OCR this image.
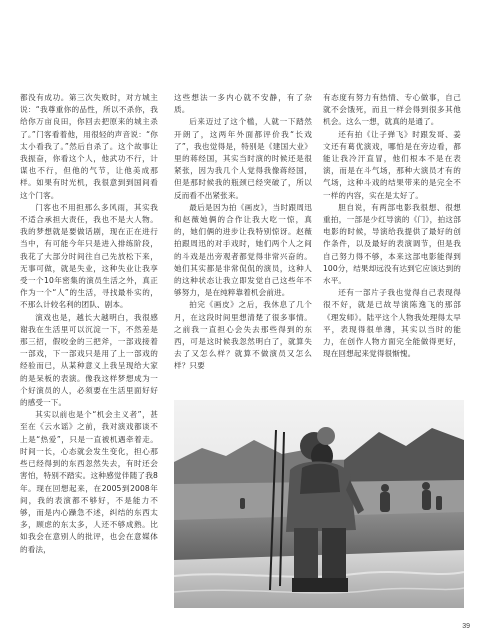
都没有成功。第三次失败时，对方城主说：“我尊重你的品性，所以不杀你，我给你万亩良田，你回去把原来的城主杀了。”门客看着他，用很轻的声音说：“你太小看我了。”然后自杀了。这个故事让我振奋，你看这个人，他武功不行，计谋也不行，但他的气节，让他美成那样。如果有时光机，我很意到到国间看这个门客。

门客也不用担那么多风雨，其实我不适合承担大责任，我也不是大人物。我的梦想就是要做话剧，现在正在进行当中，有可能今年只是进入排练阶段，我花了大部分时间往自己先放松下来，无事可做，就是失业，这种失业让我享受一个10年密集的演员生活之外，真正作为一个“人”的生活，寻找最朴实的，不那么计较名利的团队、剧本。

演戏也是，越长大越明白，我很感谢我在生活里可以沉淀一下，不然差是那三招，假咬金的三把斧，一部戏接着一部戏，下一部戏只是用了上一部戏的经验而已，从某种意义上我呈现给大家的是呆板的表演。像我这样梦想成为一个好演员的人，必须要在生活里面好好的感受一下。

其实以前也是个“机会主义者”，甚至在《云水谣》之前，我对演戏都谈不上是“热爱”，只是一直被机遇牵着走。时间一长，心态就会发生变化，担心那些已经得到的东西忽然失去，有时还会害怕，特别不踏实。这种感觉伴随了我8年。现在回想起来，在2005到2008年间，我的表演都不够好，不是能力不够，而是内心躁急不述，纠结的东西太多，顾虑的东太多，人还不够成熟。比如我会在意别人的批评，也会在意媒体的看法，

这些想法一多内心就不安静，有了杂质。

后来迈过了这个槛，人就一下踏然开朗了，这两年外面都评价我“长戏了”，我也觉得是，特别是《建国大业》里的蒋经国，其实当时演的时候还是很紧张，因为我几个人觉得我像蒋经国，但是那时候我的瓶颈已经突破了，所以反而看不出紧张来。

最后是因为拍《画皮》，当时跟周迅和赵薇她俩的合作让我大吃一惊，真的，她们俩的进步让我特别惊讶。赵薇拍跟周迅的对手戏时，她们两个人之间的斗戏是出旁观者都觉得非常兴奋的。她们其实都是非常侃侃的演员，这种人的这种状态让我立即发觉自己这些年不够努力，是在纯粹靠着机会前进。

拍完《画皮》之后，我休息了几个月，在这段时间里想清楚了很多事情。之前我一直担心会失去那些得到的东西，可是这时候我忽然明白了，就算失去了又怎么样？就算不做演员又怎么样？只要

有态度有努力有热情、专心做事，自己就不会饿死，而且一样会得到很多其他机会。这么一想，就真的是通了。

还有拍《让子弹飞》时跟发哥、姜文还有葛优演戏，哪怕是在旁边看，都能让我冷汗直冒，他们根本不是在表演，而是在斗气场，那种大演员才有的气场，这种斗戏的结果带来的是完全不一样的内容，实在是太好了。

胆自说，有两部电影我很想、很想重拍，一部是少红导演的《门》，拍这部电影的时候，导演给我提供了最好的创作条件，以及最好的表演调节，但是我自己努力得不够，本来这部电影能得到100分，结果却远没有达到它应该达到的水平。

还有一部片子我也觉得自己表现得很不好，就是已故导演陈逸飞的那部《理发师》。陆平这个人物我处理得太早平，表现得很单薄，其实以当时的能力，在创作人物方面完全能做得更好，现在回想起来觉得很惭愧。

39
